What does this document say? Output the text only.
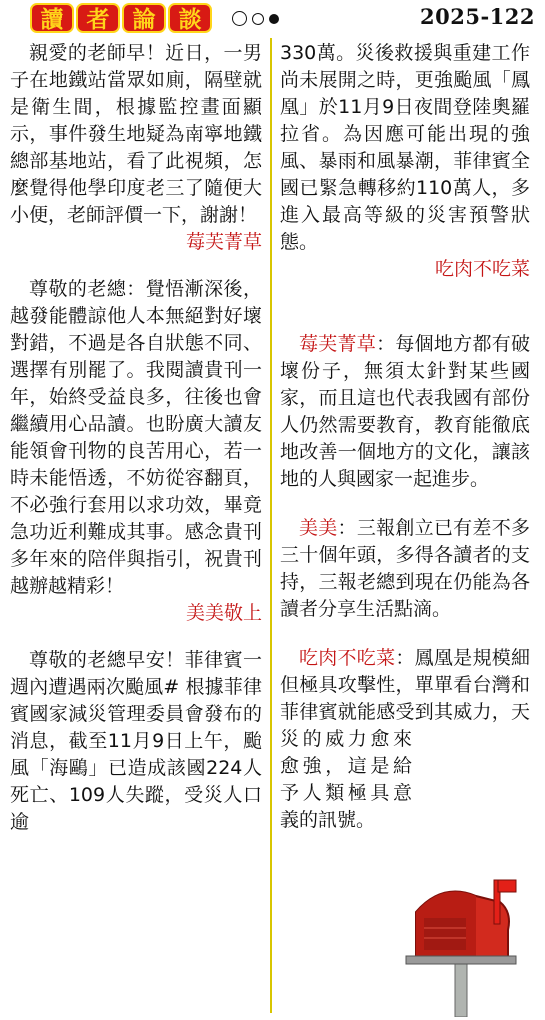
讀	者	論	談	2025-122

親愛的老師早！近日，一男子在地鐵站當眾如廁，隔壁就是衛生間，根據監控畫面顯示，事件發生地疑為南寧地鐵總部基地站，看了此視頻，怎麼覺得他學印度老三了隨便大小便，老師評價一下，謝謝！

莓芙菁草

尊敬的老總：覺悟漸深後，越發能體諒他人本無絕對好壞對錯，不過是各自狀態不同、選擇有別罷了。我閱讀貴刊一年，始終受益良多，往後也會繼續用心品讀。也盼廣大讀友能領會刊物的良苦用心，若一時未能悟透，不妨從容翻頁，不必強行套用以求功效，畢竟急功近利難成其事。感念貴刊多年來的陪伴與指引，祝貴刊越辦越精彩！

美美敬上

尊敬的老總早安！菲律賓一週內遭遇兩次颱風# 根據菲律賓國家減災管理委員會發布的消息，截至11月9日上午，颱風「海鷗」已造成該國224人死亡、109人失蹤，受災人口逾

330萬。災後救援與重建工作尚未展開之時，更強颱風「鳳凰」於11月9日夜間登陸奧羅拉省。為因應可能出現的強風、暴雨和風暴潮，菲律賓全國已緊急轉移約110萬人，多進入最高等級的災害預警狀態。

吃肉不吃菜

莓芙菁草：每個地方都有破壞份子，無須太針對某些國家，而且這也代表我國有部份人仍然需要教育，教育能徹底地改善一個地方的文化，讓該地的人與國家一起進步。

美美：三報創立已有差不多三十個年頭，多得各讀者的支持，三報老總到現在仍能為各讀者分享生活點滴。

吃肉不吃菜：鳳凰是規模細但極具攻擊性，單單看台灣和菲律賓就能感受到其威力，天災的威力愈來愈強，這是給予人類極具意義的訊號。
